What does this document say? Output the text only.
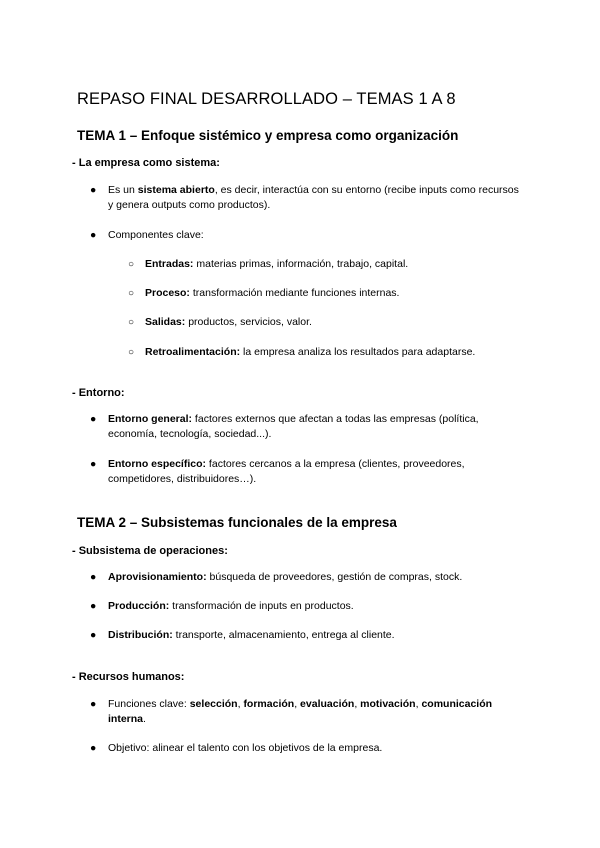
REPASO FINAL DESARROLLADO – TEMAS 1 A 8
TEMA 1 – Enfoque sistémico y empresa como organización
- La empresa como sistema:
● Es un sistema abierto, es decir, interactúa con su entorno (recibe inputs como recursos y genera outputs como productos).
● Componentes clave:
○ Entradas: materias primas, información, trabajo, capital.
○ Proceso: transformación mediante funciones internas.
○ Salidas: productos, servicios, valor.
○ Retroalimentación: la empresa analiza los resultados para adaptarse.
- Entorno:
● Entorno general: factores externos que afectan a todas las empresas (política, economía, tecnología, sociedad...).
● Entorno específico: factores cercanos a la empresa (clientes, proveedores, competidores, distribuidores…).
TEMA 2 – Subsistemas funcionales de la empresa
- Subsistema de operaciones:
● Aprovisionamiento: búsqueda de proveedores, gestión de compras, stock.
● Producción: transformación de inputs en productos.
● Distribución: transporte, almacenamiento, entrega al cliente.
- Recursos humanos:
● Funciones clave: selección, formación, evaluación, motivación, comunicación interna.
● Objetivo: alinear el talento con los objetivos de la empresa.
